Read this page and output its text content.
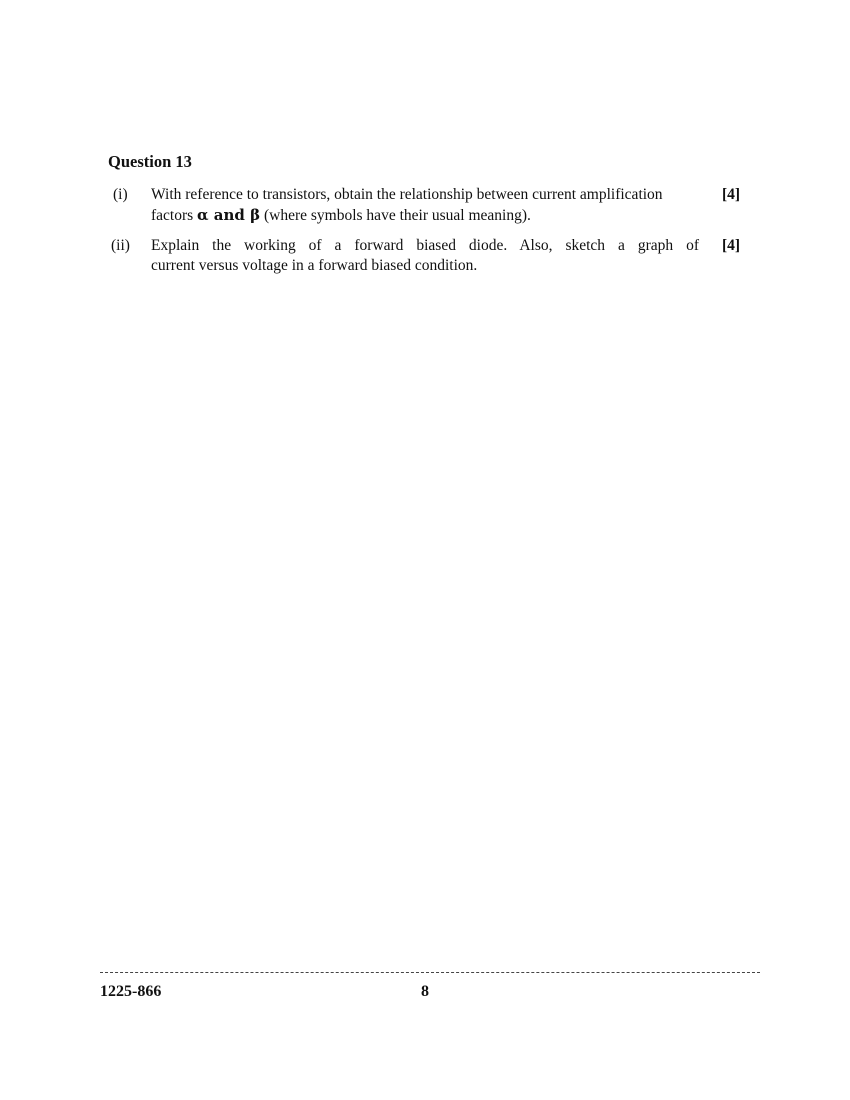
Question 13
(i) With reference to transistors, obtain the relationship between current amplification
factors α and β (where symbols have their usual meaning).
[4]
(ii) Explain the working of a forward biased diode. Also, sketch a graph of
current versus voltage in a forward biased condition.
[4]
1225-866	8
